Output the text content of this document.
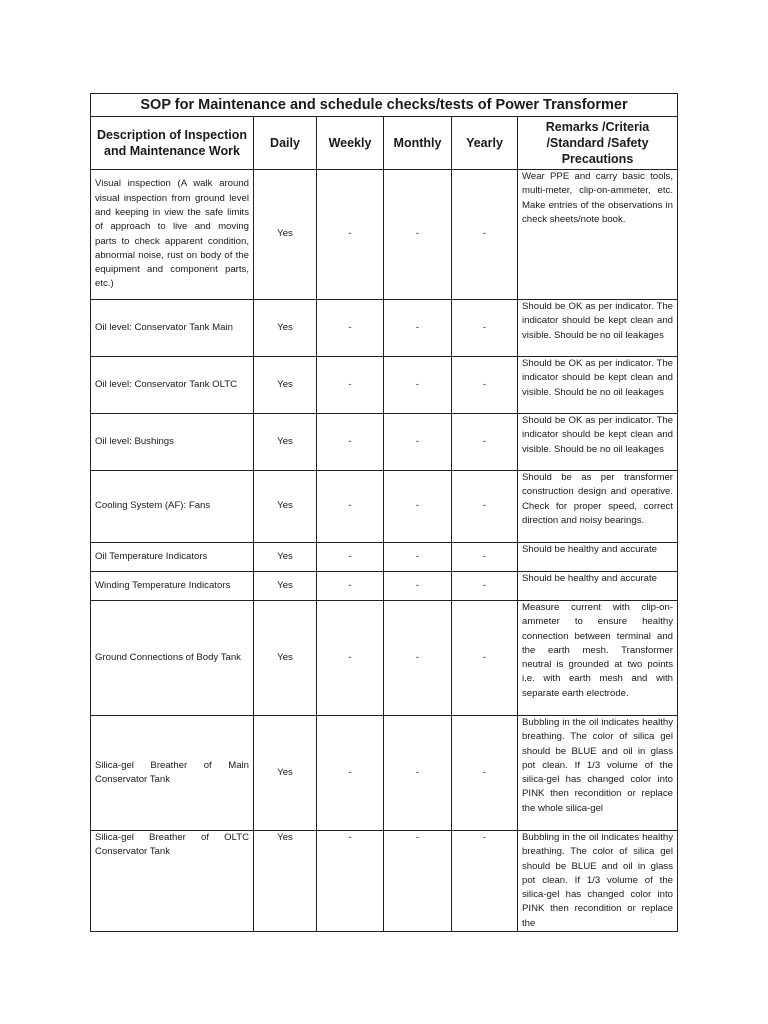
SOP for Maintenance and schedule checks/tests of Power Transformer					
Description of Inspection and Maintenance Work	Daily	Weekly	Monthly	Yearly	Remarks /Criteria /Standard /Safety Precautions
Visual inspection (A walk around visual inspection from ground level and keeping in view the safe limits of approach to live and moving parts to check apparent condition, abnormal noise, rust on body of the equipment and component parts, etc.)	Yes	-	-	-	Wear PPE and carry basic tools, multi-meter, clip-on-ammeter, etc. Make entries of the observations in check sheets/note book.
Oil level: Conservator Tank Main	Yes	-	-	-	Should be OK as per indicator. The indicator should be kept clean and visible. Should be no oil leakages
Oil level: Conservator Tank OLTC	Yes	-	-	-	Should be OK as per indicator. The indicator should be kept clean and visible. Should be no oil leakages
Oil level: Bushings	Yes	-	-	-	Should be OK as per indicator. The indicator should be kept clean and visible. Should be no oil leakages
Cooling System (AF): Fans	Yes	-	-	-	Should be as per transformer construction design and operative. Check for proper speed, correct direction and noisy bearings.
Oil Temperature Indicators	Yes	-	-	-	Should be healthy and accurate
Winding Temperature Indicators	Yes	-	-	-	Should be healthy and accurate
Ground Connections of Body Tank	Yes	-	-	-	Measure current with clip-on-ammeter to ensure healthy connection between terminal and the earth mesh. Transformer neutral is grounded at two points i.e. with earth mesh and with separate earth electrode.
Silica-gel Breather of Main Conservator Tank	Yes	-	-	-	Bubbling in the oil indicates healthy breathing. The color of silica gel should be BLUE and oil in glass pot clean. If 1/3 volume of the silica-gel has changed color into PINK then recondition or replace the whole silica-gel
Silica-gel Breather of OLTC Conservator Tank	Yes	-	-	-	Bubbling in the oil indicates healthy breathing. The color of silica gel should be BLUE and oil in glass pot clean. If 1/3 volume of the silica-gel has changed color into PINK then recondition or replace the
